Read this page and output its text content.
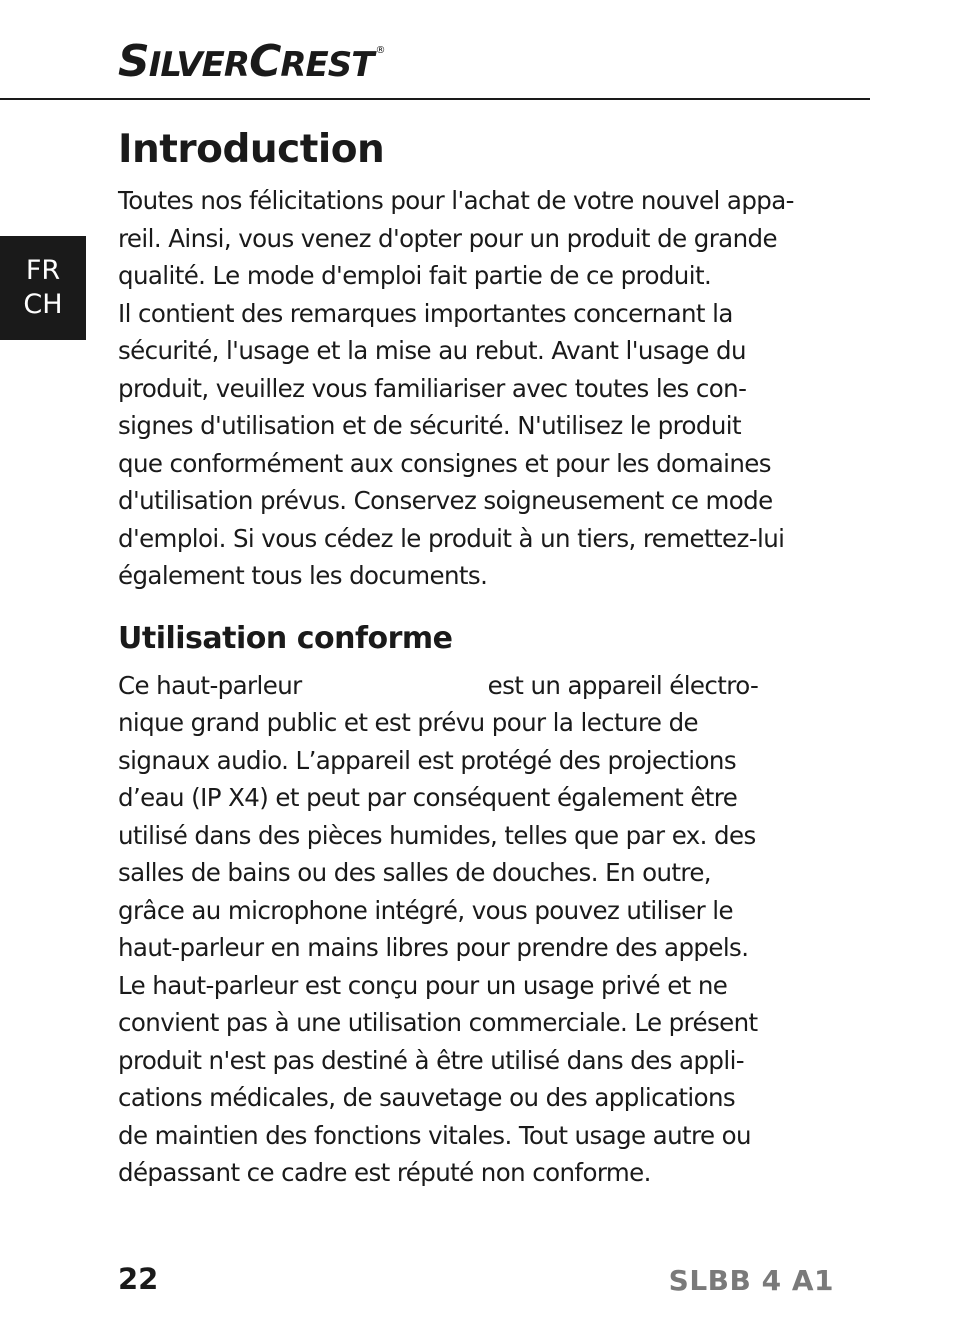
SILVERCREST ®
FR
CH
Introduction
Toutes nos félicitations pour l'achat de votre nouvel appa-
reil. Ainsi, vous venez d'opter pour un produit de grande
qualité. Le mode d'emploi fait partie de ce produit.
Il contient des remarques importantes concernant la
sécurité, l'usage et la mise au rebut. Avant l'usage du
produit, veuillez vous familiariser avec toutes les con-
signes d'utilisation et de sécurité. N'utilisez le produit
que conformément aux consignes et pour les domaines
d'utilisation prévus. Conservez soigneusement ce mode
d'emploi. Si vous cédez le produit à un tiers, remettez-lui
également tous les documents.
Utilisation conforme
Ce haut-parleur	est un appareil électro-
nique grand public et est prévu pour la lecture de
signaux audio. L’appareil est protégé des projections
d’eau (IP X4) et peut par conséquent également être
utilisé dans des pièces humides, telles que par ex. des
salles de bains ou des salles de douches. En outre,
grâce au microphone intégré, vous pouvez utiliser le
haut-parleur en mains libres pour prendre des appels.
Le haut-parleur est conçu pour un usage privé et ne
convient pas à une utilisation commerciale. Le présent
produit n'est pas destiné à être utilisé dans des appli-
cations médicales, de sauvetage ou des applications
de maintien des fonctions vitales. Tout usage autre ou
dépassant ce cadre est réputé non conforme.
22	SLBB 4 A1
